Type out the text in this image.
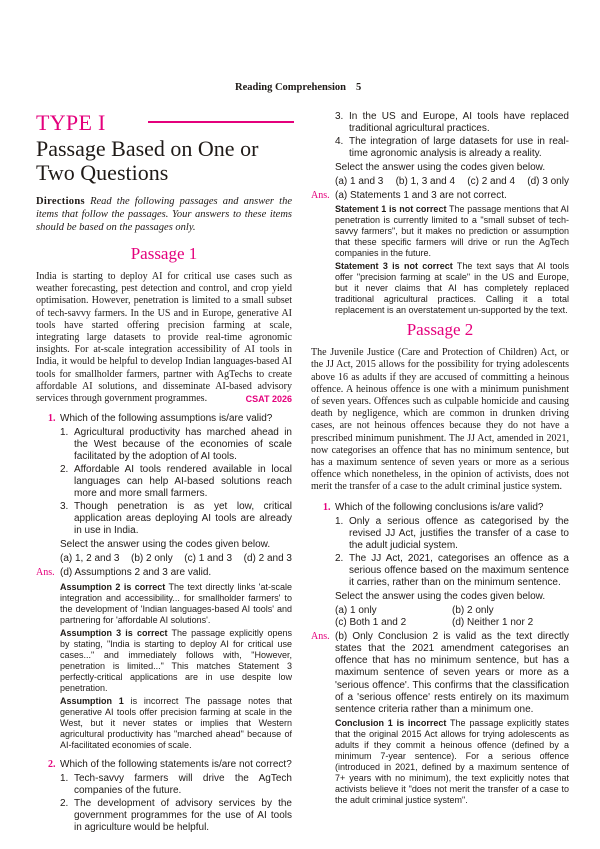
Reading Comprehension 5
TYPE I
Passage Based on One or
Two Questions

Directions Read the following passages and answer the items that follow the passages. Your answers to these items should be based on the passages only.

Passage 1

India is starting to deploy AI for critical use cases such as weather forecasting, pest detection and control, and crop yield optimisation. However, penetration is limited to a small subset of tech-savvy farmers. In the US and in Europe, generative AI tools have started offering precision farming at scale, integrating large datasets to provide real-time agronomic insights. For at-scale integration accessibility of AI tools in India, it would be helpful to develop Indian languages-based AI tools for smallholder farmers, partner with AgTechs to create affordable AI solutions, and disseminate AI-based advisory services through government programmes.	CSAT 2026

1. Which of the following assumptions is/are valid?
1. Agricultural productivity has marched ahead in the West because of the economies of scale facilitated by the adoption of AI tools.
2. Affordable AI tools rendered available in local languages can help AI-based solutions reach more and more small farmers.
3. Though penetration is as yet low, critical application areas deploying AI tools are already in use in India.
Select the answer using the codes given below.
(a) 1, 2 and 3 (b) 2 only (c) 1 and 3 (d) 2 and 3
Ans. (d) Assumptions 2 and 3 are valid.

Assumption 2 is correct The text directly links 'at-scale integration and accessibility... for smallholder farmers' to the development of 'Indian languages-based AI tools' and partnering for 'affordable AI solutions'.

Assumption 3 is correct The passage explicitly opens by stating, "India is starting to deploy AI for critical use cases..." and immediately follows with, "However, penetration is limited..." This matches Statement 3 perfectly-critical applications are in use despite low penetration.

Assumption 1 is incorrect The passage notes that generative AI tools offer precision farming at scale in the West, but it never states or implies that Western agricultural productivity has "marched ahead" because of AI-facilitated economies of scale.

2. Which of the following statements is/are not correct?
1. Tech-savvy farmers will drive the AgTech companies of the future.
2. The development of advisory services by the government programmes for the use of AI tools in agriculture would be helpful.
3. In the US and Europe, AI tools have replaced traditional agricultural practices.
4. The integration of large datasets for use in real-time agronomic analysis is already a reality.
Select the answer using the codes given below.
(a) 1 and 3 (b) 1, 3 and 4 (c) 2 and 4 (d) 3 only
Ans. (a) Statements 1 and 3 are not correct.

Statement 1 is not correct The passage mentions that AI penetration is currently limited to a "small subset of tech-savvy farmers", but it makes no prediction or assumption that these specific farmers will drive or run the AgTech companies in the future.

Statement 3 is not correct The text says that AI tools offer "precision farming at scale" in the US and Europe, but it never claims that AI has completely replaced traditional agricultural practices. Calling it a total replacement is an overstatement un-supported by the text.

Passage 2

The Juvenile Justice (Care and Protection of Children) Act, or the JJ Act, 2015 allows for the possibility for trying adolescents above 16 as adults if they are accused of committing a heinous offence. A heinous offence is one with a minimum punishment of seven years. Offences such as culpable homicide and causing death by negligence, which are common in drunken driving cases, are not heinous offences because they do not have a prescribed minimum punishment. The JJ Act, amended in 2021, now categorises an offence that has no minimum sentence, but has a maximum sentence of seven years or more as a serious offence which nonetheless, in the opinion of activists, does not merit the transfer of a case to the adult criminal justice system.

1. Which of the following conclusions is/are valid?
1. Only a serious offence as categorised by the revised JJ Act, justifies the transfer of a case to the adult judicial system.
2. The JJ Act, 2021, categorises an offence as a serious offence based on the maximum sentence it carries, rather than on the minimum sentence.
Select the answer using the codes given below.
(a) 1 only	(b) 2 only
(c) Both 1 and 2	(d) Neither 1 nor 2
Ans. (b) Only Conclusion 2 is valid as the text directly states that the 2021 amendment categorises an offence that has no minimum sentence, but has a maximum sentence of seven years or more as a 'serious offence'. This confirms that the classification of a 'serious offence' rests entirely on its maximum sentence criteria rather than a minimum one.

Conclusion 1 is incorrect The passage explicitly states that the original 2015 Act allows for trying adolescents as adults if they commit a heinous offence (defined by a minimum 7-year sentence). For a serious offence (introduced in 2021, defined by a maximum sentence of 7+ years with no minimum), the text explicitly notes that activists believe it "does not merit the transfer of a case to the adult criminal justice system".
